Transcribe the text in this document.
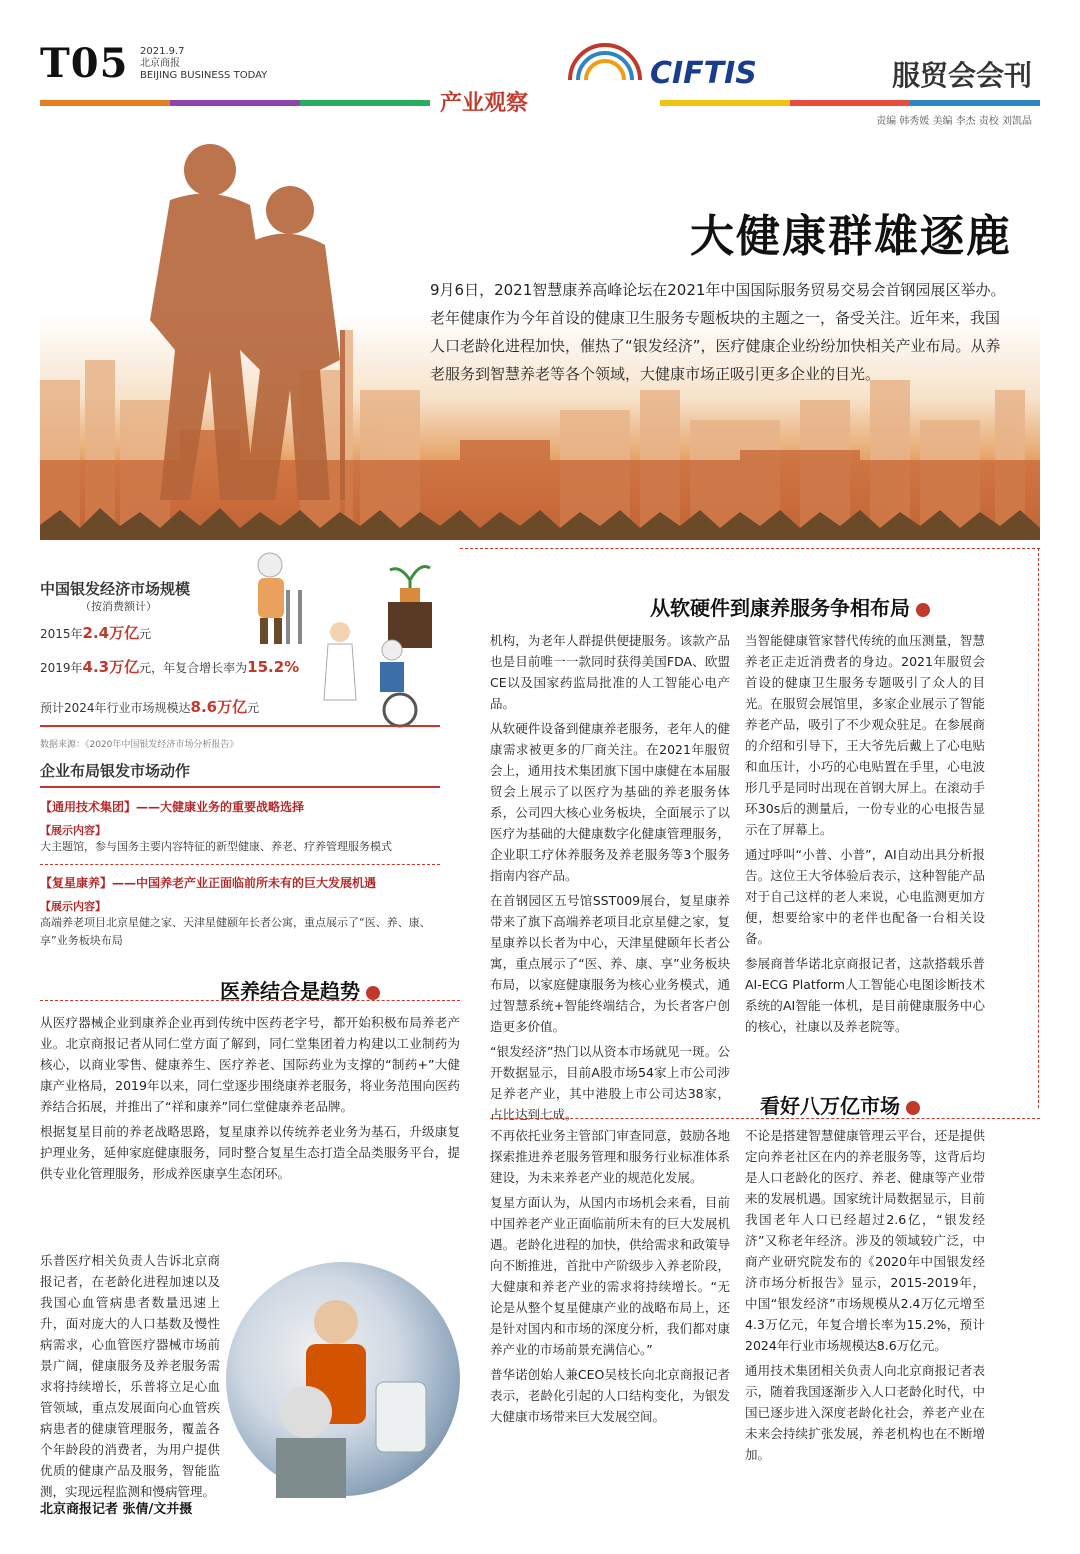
T05 2021.9.7
北京商报
BEIJING BUSINESS TODAY	CIFTIS
产业观察
服贸会会刊
责编 韩秀媛 美编 李杰 责校 刘凯晶
大健康群雄逐鹿
9月6日，2021智慧康养高峰论坛在2021年中国国际服务贸易交易会首钢园展区举办。老年健康作为今年首设的健康卫生服务专题板块的主题之一，备受关注。近年来，我国人口老龄化进程加快，催热了“银发经济”，医疗健康企业纷纷加快相关产业布局。从养老服务到智慧养老等各个领域，大健康市场正吸引更多企业的目光。
中国银发经济市场规模
（按消费额计）
2015年2.4万亿元
2019年4.3万亿元，年复合增长率为15.2%
预计2024年行业市场规模达8.6万亿元
数据来源：《2020年中国银发经济市场分析报告》
企业布局银发市场动作
【通用技术集团】——大健康业务的重要战略选择
【展示内容】
大主题馆，参与国务主要内容特征的新型健康、养老、疗养管理服务模式
【复星康养】——中国养老产业正面临前所未有的巨大发展机遇
【展示内容】
高端养老项目北京星健之家、天津星健颐年长者公寓，重点展示了“医、养、康、享”业务板块布局
从软硬件到康养服务争相布局

当智能健康管家替代传统的血压测量，智慧养老正走近消费者的身边。2021年服贸会首设的健康卫生服务专题吸引了众人的目光。在服贸会展馆里，多家企业展示了智能养老产品，吸引了不少观众驻足。在参展商的介绍和引导下，王大爷先后戴上了心电贴和血压计，小巧的心电贴置在手里，心电波形几乎是同时出现在首钢大屏上。在滚动手环30s后的测量后，一份专业的心电报告显示在了屏幕上。

通过呼叫“小普、小普”，AI自动出具分析报告。这位王大爷体验后表示，这种智能产品对于自己这样的老人来说，心电监测更加方便，想要给家中的老伴也配备一台相关设备。

参展商普华诺北京商报记者，这款搭载乐普AI-ECG Platform人工智能心电图诊断技术系统的AI智能一体机，是目前健康服务中心的核心，社康以及养老院等。

机构，为老年人群提供便捷服务。该款产品也是目前唯一一款同时获得美国FDA、欧盟CE以及国家药监局批准的人工智能心电产品。

从软硬件设备到健康养老服务，老年人的健康需求被更多的厂商关注。在2021年服贸会上，通用技术集团旗下国中康健在本届服贸会上展示了以医疗为基础的养老服务体系，公司四大核心业务板块，全面展示了以医疗为基础的大健康数字化健康管理服务，企业职工疗休养服务及养老服务等3个服务指南内容产品。

在首钢园区五号馆SST009展台，复星康养带来了旗下高端养老项目北京星健之家，复星康养以长者为中心，天津星健颐年长者公寓，重点展示了“医、养、康、享”业务板块布局，以家庭健康服务为核心业务模式，通过智慧系统+智能终端结合，为长者客户创造更多价值。

“银发经济”热门以从资本市场就见一斑。公开数据显示，目前A股市场54家上市公司涉足养老产业，其中港股上市公司达38家，占比达到七成。

医养结合是趋势

从医疗器械企业到康养企业再到传统中医药老字号，都开始积极布局养老产业。北京商报记者从同仁堂方面了解到，同仁堂集团着力构建以工业制药为核心，以商业零售、健康养生、医疗养老、国际药业为支撑的“制药+”大健康产业格局，2019年以来，同仁堂逐步围绕康养老服务，将业务范围向医药养结合拓展，并推出了“祥和康养”同仁堂健康养老品牌。

根据复星目前的养老战略思路，复星康养以传统养老业务为基石，升级康复护理业务，延伸家庭健康服务，同时整合复星生态打造全品类服务平台，提供专业化管理服务，形成养医康享生态闭环。

乐普医疗相关负责人告诉北京商报记者，在老龄化进程加速以及我国心血管病患者数量迅速上升，面对庞大的人口基数及慢性病需求，心血管医疗器械市场前景广阔，健康服务及养老服务需求将持续增长，乐普将立足心血管领域，重点发展面向心血管疾病患者的健康管理服务，覆盖各个年龄段的消费者，为用户提供优质的健康产品及服务，智能监测，实现远程监测和慢病管理。

北京商报记者 张倩/文并摄
看好八万亿市场

不论是搭建智慧健康管理云平台，还是提供定向养老社区在内的养老服务等，这背后均是人口老龄化的医疗、养老、健康等产业带来的发展机遇。国家统计局数据显示，目前我国老年人口已经超过2.6亿，“银发经济”又称老年经济。涉及的领域较广泛，中商产业研究院发布的《2020年中国银发经济市场分析报告》显示，2015-2019年，中国“银发经济”市场规模从2.4万亿元增至4.3万亿元，年复合增长率为15.2%，预计2024年行业市场规模达8.6万亿元。

通用技术集团相关负责人向北京商报记者表示，随着我国逐渐步入人口老龄化时代，中国已逐步进入深度老龄化社会，养老产业在未来会持续扩张发展，养老机构也在不断增加。

不再依托业务主管部门审查同意，鼓励各地探索推进养老服务管理和服务行业标准体系建设，为未来养老产业的规范化发展。

复星方面认为，从国内市场机会来看，目前中国养老产业正面临前所未有的巨大发展机遇。老龄化进程的加快，供给需求和政策导向不断推进，首批中产阶级步入养老阶段，大健康和养老产业的需求将持续增长。“无论是从整个复星健康产业的战略布局上，还是针对国内和市场的深度分析，我们都对康养产业的市场前景充满信心。”

普华诺创始人兼CEO吴枝长向北京商报记者表示，老龄化引起的人口结构变化，为银发大健康市场带来巨大发展空间。
